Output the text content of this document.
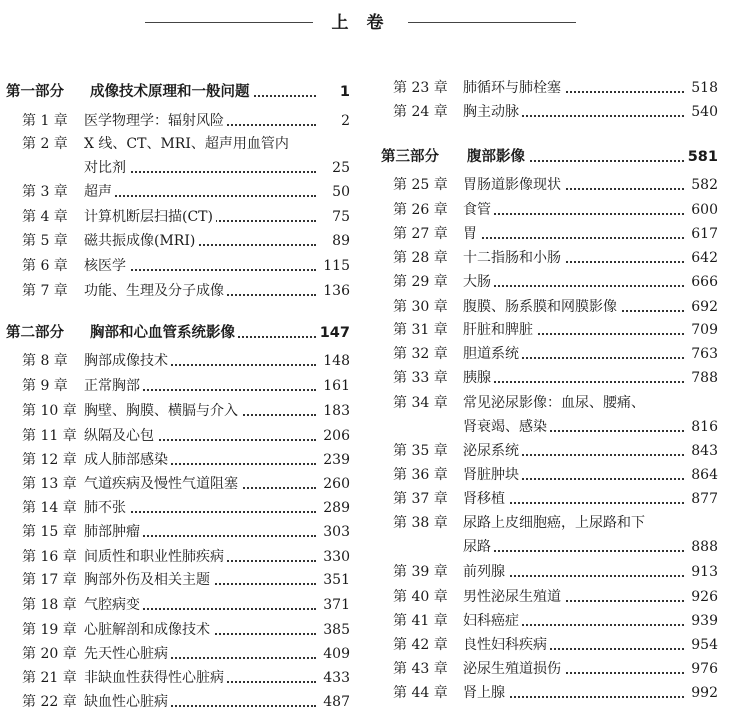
上 卷
第一部分 成像技术原理和一般问题	1
第 1 章 医学物理学：辐射风险	2
第 2 章 X 线、CT、MRI、超声用血管内
对比剂	25
第 3 章 超声	50
第 4 章 计算机断层扫描(CT)	75
第 5 章 磁共振成像(MRI)	89
第 6 章 核医学	115
第 7 章 功能、生理及分子成像	136
第二部分 胸部和心血管系统影像	147
第 8 章 胸部成像技术	148
第 9 章 正常胸部	161
第 10 章 胸壁、胸膜、横膈与介入	183
第 11 章 纵隔及心包	206
第 12 章 成人肺部感染	239
第 13 章 气道疾病及慢性气道阻塞	260
第 14 章 肺不张	289
第 15 章 肺部肿瘤	303
第 16 章 间质性和职业性肺疾病	330
第 17 章 胸部外伤及相关主题	351
第 18 章 气腔病变	371
第 19 章 心脏解剖和成像技术	385
第 20 章 先天性心脏病	409
第 21 章 非缺血性获得性心脏病	433
第 22 章 缺血性心脏病	487
第 23 章 肺循环与肺栓塞	518
第 24 章 胸主动脉	540
第三部分 腹部影像	581
第 25 章 胃肠道影像现状	582
第 26 章 食管	600
第 27 章 胃	617
第 28 章 十二指肠和小肠	642
第 29 章 大肠	666
第 30 章 腹膜、肠系膜和网膜影像	692
第 31 章 肝脏和脾脏	709
第 32 章 胆道系统	763
第 33 章 胰腺	788
第 34 章 常见泌尿影像：血尿、腰痛、
肾衰竭、感染	816
第 35 章 泌尿系统	843
第 36 章 肾脏肿块	864
第 37 章 肾移植	877
第 38 章 尿路上皮细胞癌，上尿路和下
尿路	888
第 39 章 前列腺	913
第 40 章 男性泌尿生殖道	926
第 41 章 妇科癌症	939
第 42 章 良性妇科疾病	954
第 43 章 泌尿生殖道损伤	976
第 44 章 肾上腺	992
